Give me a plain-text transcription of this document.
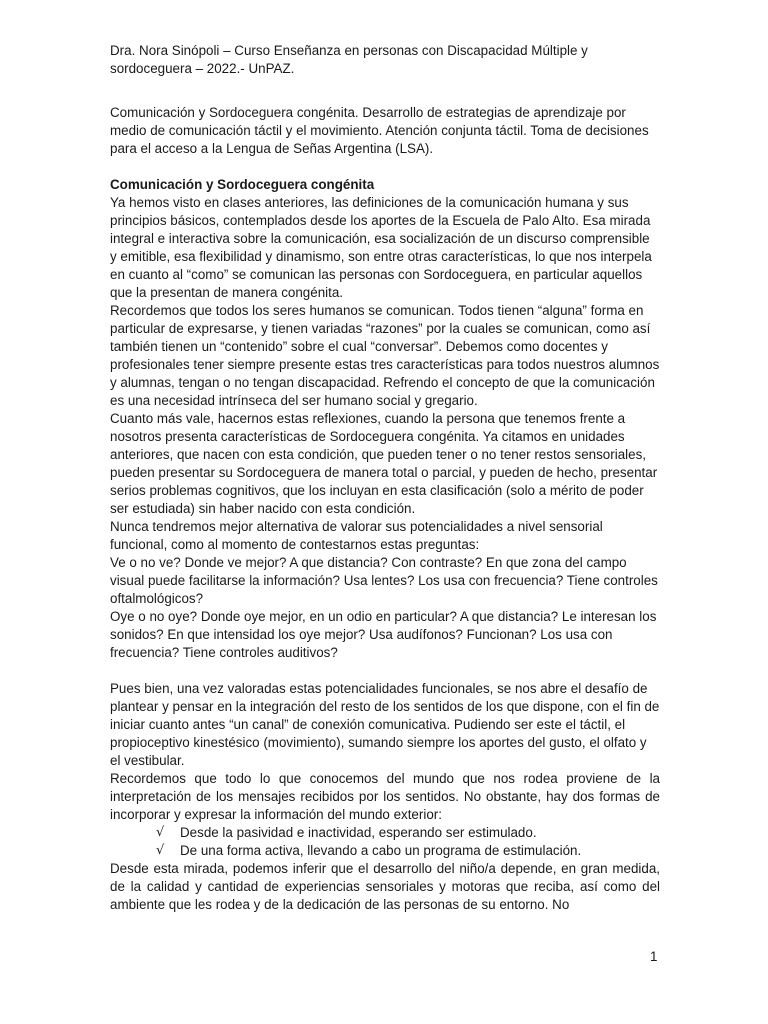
Dra. Nora Sinópoli – Curso Enseñanza en personas con Discapacidad Múltiple y sordoceguera – 2022.- UnPAZ.

Comunicación y Sordoceguera congénita. Desarrollo de estrategias de aprendizaje por medio de comunicación táctil y el movimiento. Atención conjunta táctil. Toma de decisiones para el acceso a la Lengua de Señas Argentina (LSA).

Comunicación y Sordoceguera congénita

Ya hemos visto en clases anteriores, las definiciones de la comunicación humana y sus principios básicos, contemplados desde los aportes de la Escuela de Palo Alto. Esa mirada integral e interactiva sobre la comunicación, esa socialización de un discurso comprensible y emitible, esa flexibilidad y dinamismo, son entre otras características, lo que nos interpela en cuanto al “como” se comunican las personas con Sordoceguera, en particular aquellos que la presentan de manera congénita.

Recordemos que todos los seres humanos se comunican. Todos tienen “alguna” forma en particular de expresarse, y tienen variadas “razones” por la cuales se comunican, como así también tienen un “contenido” sobre el cual “conversar”. Debemos como docentes y profesionales tener siempre presente estas tres características para todos nuestros alumnos y alumnas, tengan o no tengan discapacidad. Refrendo el concepto de que la comunicación es una necesidad intrínseca del ser humano social y gregario.

Cuanto más vale, hacernos estas reflexiones, cuando la persona que tenemos frente a nosotros presenta características de Sordoceguera congénita. Ya citamos en unidades anteriores, que nacen con esta condición, que pueden tener o no tener restos sensoriales, pueden presentar su Sordoceguera de manera total o parcial, y pueden de hecho, presentar serios problemas cognitivos, que los incluyan en esta clasificación (solo a mérito de poder ser estudiada) sin haber nacido con esta condición.

Nunca tendremos mejor alternativa de valorar sus potencialidades a nivel sensorial funcional, como al momento de contestarnos estas preguntas:

Ve o no ve? Donde ve mejor? A que distancia? Con contraste? En que zona del campo visual puede facilitarse la información? Usa lentes? Los usa con frecuencia? Tiene controles oftalmológicos?

Oye o no oye? Donde oye mejor, en un odio en particular? A que distancia? Le interesan los sonidos? En que intensidad los oye mejor? Usa audífonos? Funcionan? Los usa con frecuencia? Tiene controles auditivos?

Pues bien, una vez valoradas estas potencialidades funcionales, se nos abre el desafío de plantear y pensar en la integración del resto de los sentidos de los que dispone, con el fin de iniciar cuanto antes “un canal” de conexión comunicativa. Pudiendo ser este el táctil, el propioceptivo kinestésico (movimiento), sumando siempre los aportes del gusto, el olfato y el vestibular.

Recordemos que todo lo que conocemos del mundo que nos rodea proviene de la interpretación de los mensajes recibidos por los sentidos. No obstante, hay dos formas de incorporar y expresar la información del mundo exterior:

√ Desde la pasividad e inactividad, esperando ser estimulado.
√ De una forma activa, llevando a cabo un programa de estimulación.

Desde esta mirada, podemos inferir que el desarrollo del niño/a depende, en gran medida, de la calidad y cantidad de experiencias sensoriales y motoras que reciba, así como del ambiente que les rodea y de la dedicación de las personas de su entorno. No

1
